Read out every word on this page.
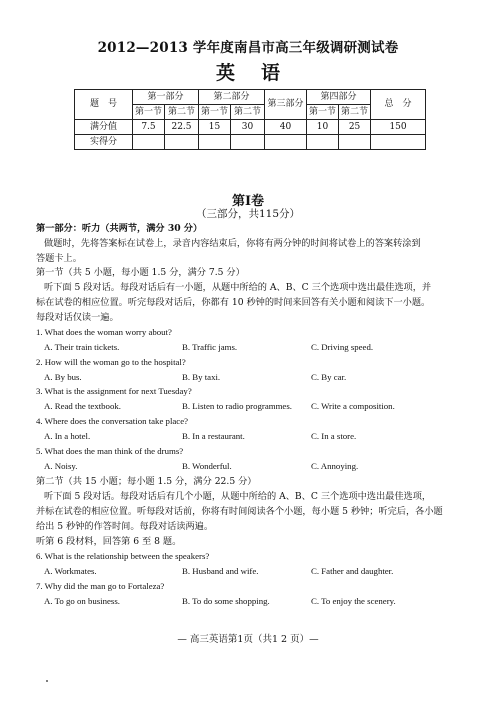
2012—2013 学年度南昌市高三年级调研测试卷
英语
题　号	第一部分		第二部分		第三部分	第四部分		总　分
	第一节	第二节	第一节	第二节		第一节	第二节	
满分值	7.5	22.5	15	30	40	10	25	150
实得分								
第Ⅰ卷
（三部分，共115分）
第一部分：听力（共两节，满分 30 分）
做题时，先将答案标在试卷上，录音内容结束后，你将有两分钟的时间将试卷上的答案转涂到
答题卡上。
第一节（共 5 小题，每小题 1.5 分，满分 7.5 分）
听下面 5 段对话。每段对话后有一小题，从题中所给的 A、B、C 三个选项中选出最佳选项，并
标在试卷的相应位置。听完每段对话后，你都有 10 秒钟的时间来回答有关小题和阅读下一小题。
每段对话仅读一遍。
1. What does the woman worry about?
A. Their train tickets.	B. Traffic jams.	C. Driving speed.
2. How will the woman go to the hospital?
A. By bus.	B. By taxi.	C. By car.
3. What is the assignment for next Tuesday?
A. Read the textbook.	B. Listen to radio programmes. C. Write a composition.
4. Where does the conversation take place?
A. In a hotel.	B. In a restaurant.	C. In a store.
5. What does the man think of the drums?
A. Noisy.	B. Wonderful.	C. Annoying.
第二节（共 15 小题；每小题 1.5 分，满分 22.5 分）
听下面 5 段对话。每段对话后有几个小题，从题中所给的 A、B、C 三个选项中选出最佳选项，
并标在试卷的相应位置。听每段对话前，你将有时间阅读各个小题，每小题 5 秒钟；听完后，各小题
给出 5 秒钟的作答时间。每段对话读两遍。
听第 6 段材料，回答第 6 至 8 题。
6. What is the relationship between the speakers?
A. Workmates.	B. Husband and wife.	C. Father and daughter.
7. Why did the man go to Fortaleza?
A. To go on business.	B. To do some shopping.	C. To enjoy the scenery.
— 高三英语第1页（共1 2 页）—
